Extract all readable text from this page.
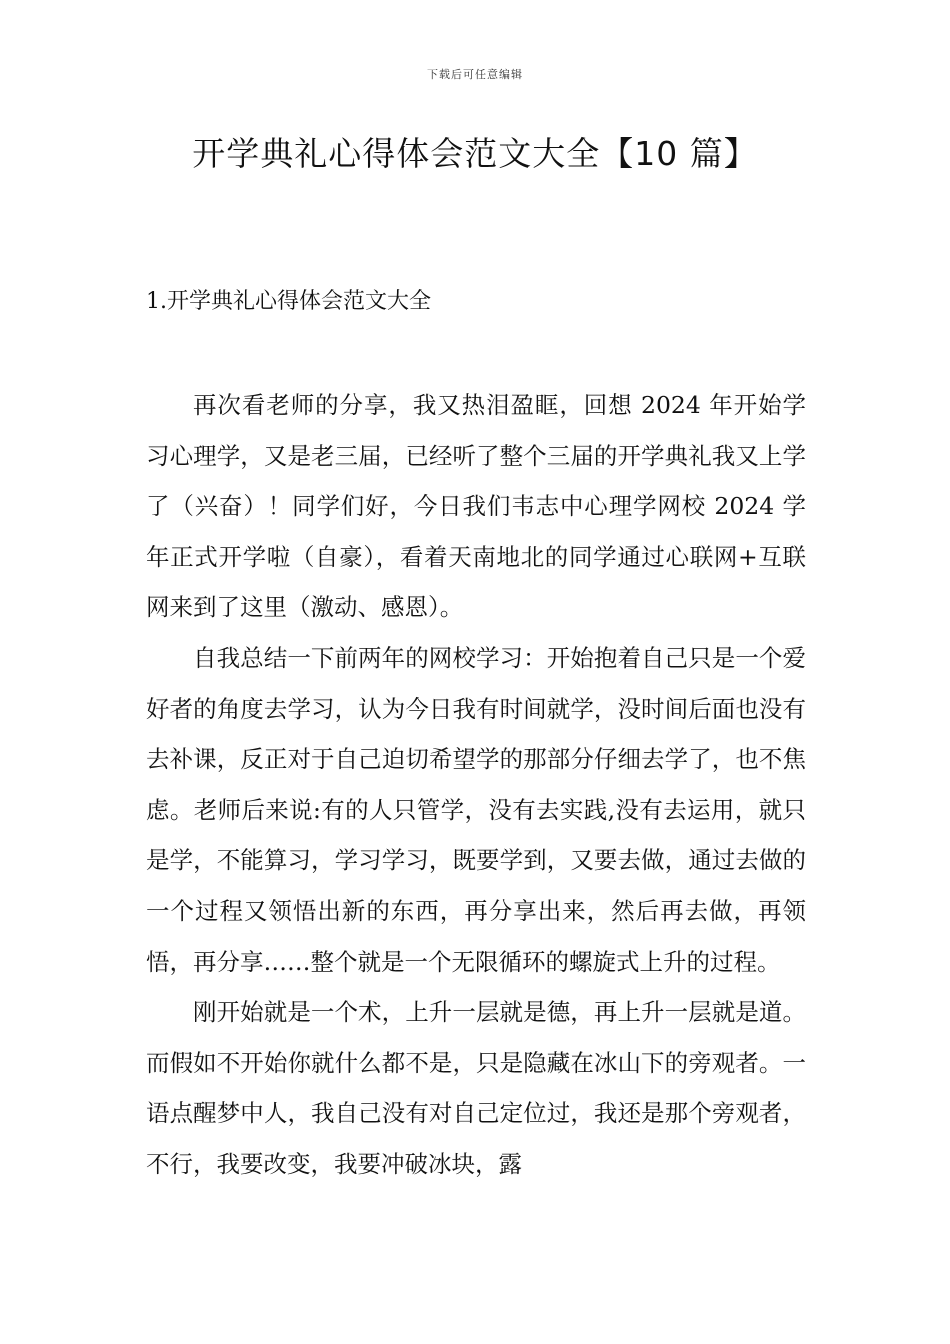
下载后可任意编辑
开学典礼心得体会范文大全【10 篇】
1.开学典礼心得体会范文大全

再次看老师的分享，我又热泪盈眶，回想 2024 年开始学习心理学，又是老三届，已经听了整个三届的开学典礼我又上学了（兴奋）！同学们好，今日我们韦志中心理学网校 2024 学年正式开学啦（自豪），看着天南地北的同学通过心联网+互联网来到了这里（激动、感恩）。

自我总结一下前两年的网校学习：开始抱着自己只是一个爱好者的角度去学习，认为今日我有时间就学，没时间后面也没有去补课，反正对于自己迫切希望学的那部分仔细去学了，也不焦虑。老师后来说:有的人只管学，没有去实践,没有去运用，就只是学，不能算习，学习学习，既要学到，又要去做，通过去做的一个过程又领悟出新的东西，再分享出来，然后再去做，再领悟，再分享……整个就是一个无限循环的螺旋式上升的过程。

刚开始就是一个术，上升一层就是德，再上升一层就是道。而假如不开始你就什么都不是，只是隐藏在冰山下的旁观者。一语点醒梦中人，我自己没有对自己定位过，我还是那个旁观者，不行，我要改变，我要冲破冰块，露
